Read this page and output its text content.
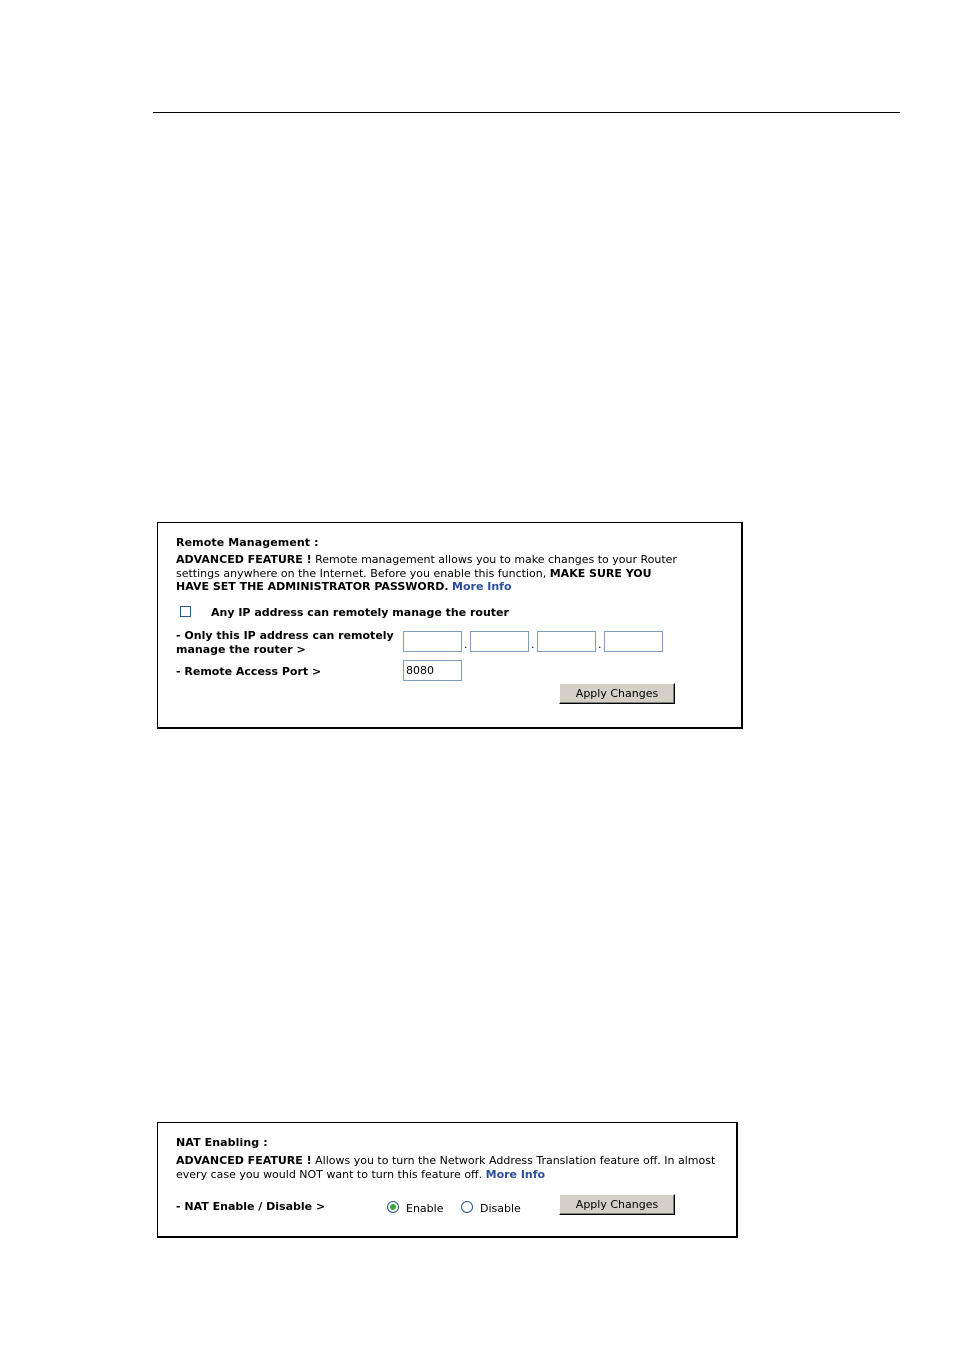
Remote Management :
ADVANCED FEATURE ! Remote management allows you to make changes to your Router settings anywhere on the Internet. Before you enable this function, MAKE SURE YOU HAVE SET THE ADMINISTRATOR PASSWORD. More Info
Any IP address can remotely manage the router
- Only this IP address can remotely
manage the router >	.	.	.
- Remote Access Port >	8080
Apply Changes
NAT Enabling :
ADVANCED FEATURE ! Allows you to turn the Network Address Translation feature off. In almost every case you would NOT want to turn this feature off. More Info
- NAT Enable / Disable >	Enable	Disable	Apply Changes
